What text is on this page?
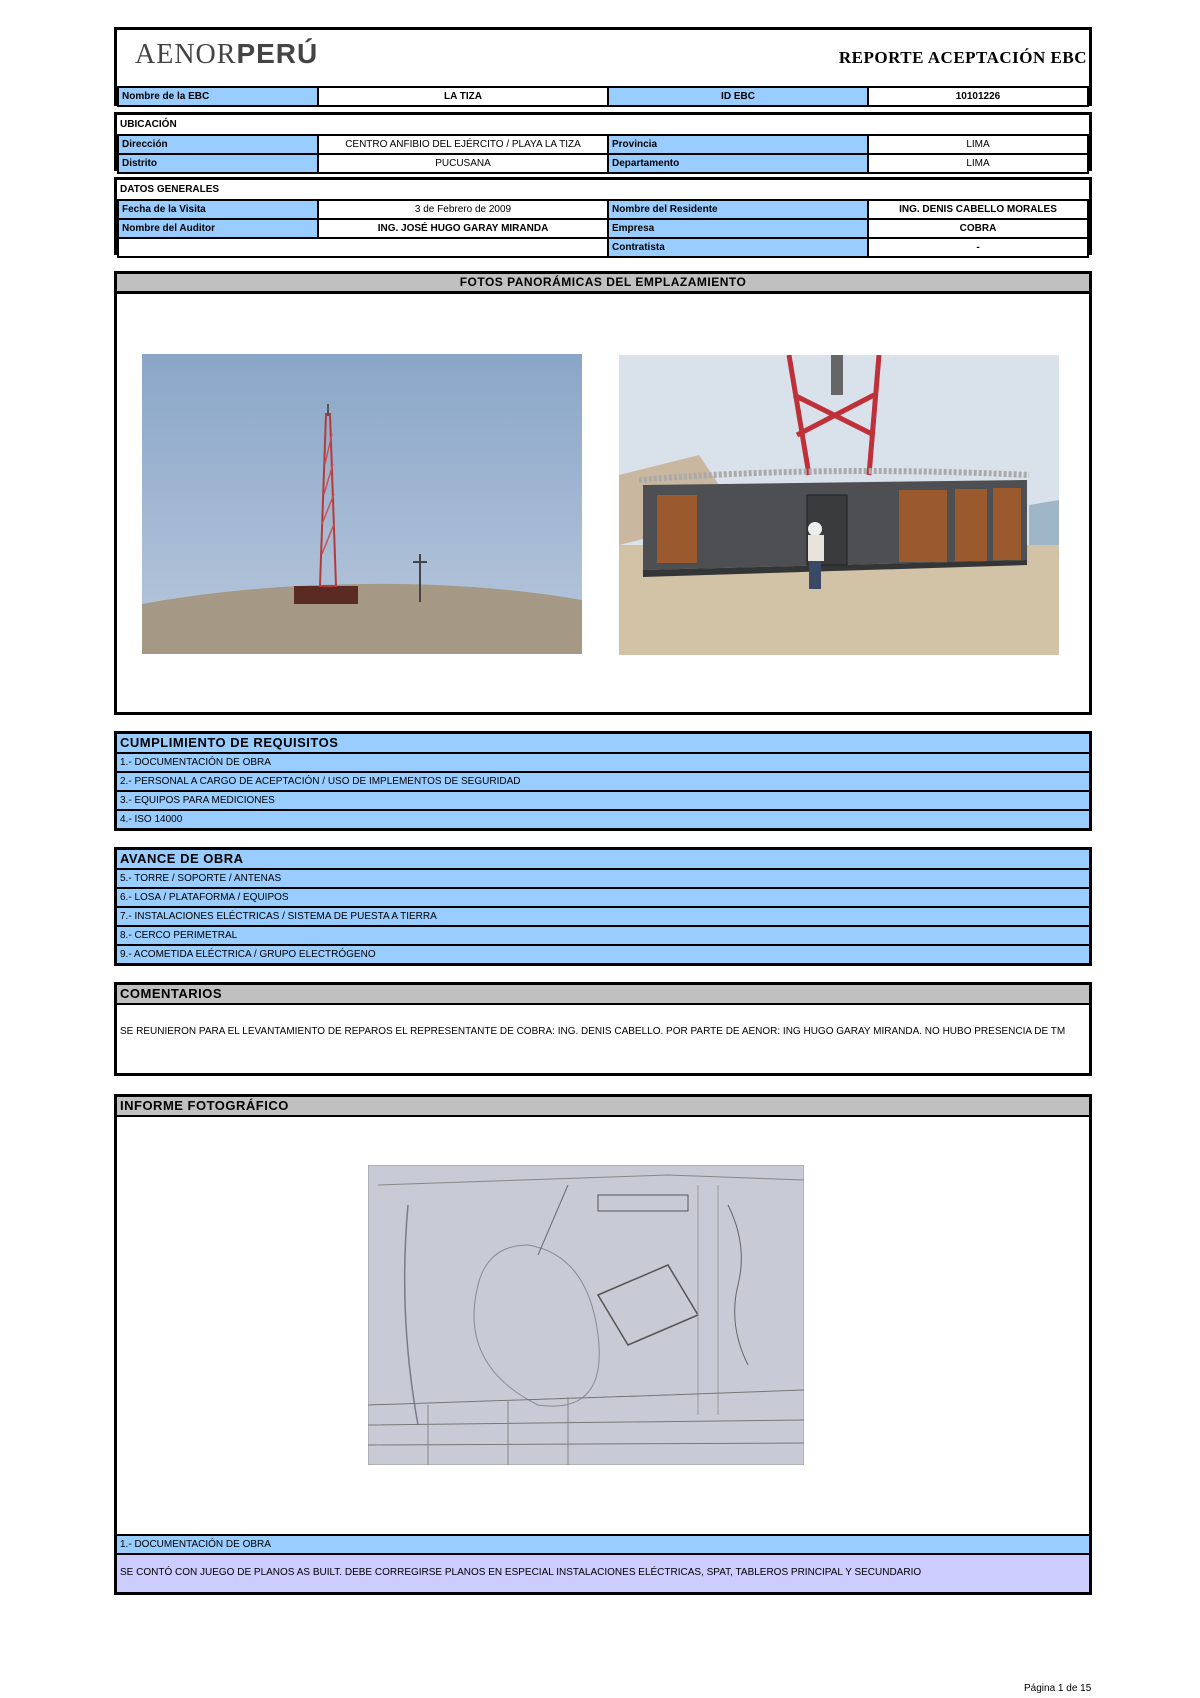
AENORPERÚ	REPORTE ACEPTACIÓN EBC
Nombre de la EBC	LA TIZA	ID EBC	10101226
UBICACIÓN
Dirección	CENTRO ANFIBIO DEL EJÉRCITO / PLAYA LA TIZA	Provincia	LIMA
Distrito	PUCUSANA	Departamento	LIMA
DATOS GENERALES
Fecha de la Visita	3 de Febrero de 2009	Nombre del Residente	ING. DENIS CABELLO MORALES
Nombre del Auditor	ING. JOSÉ HUGO GARAY MIRANDA	Empresa	COBRA
		Contratista	-
FOTOS PANORÁMICAS DEL EMPLAZAMIENTO
CUMPLIMIENTO DE REQUISITOS
1.- DOCUMENTACIÓN DE OBRA
2.- PERSONAL A CARGO DE ACEPTACIÓN / USO DE IMPLEMENTOS DE SEGURIDAD
3.- EQUIPOS PARA MEDICIONES
4.- ISO 14000
AVANCE DE OBRA
5.- TORRE / SOPORTE / ANTENAS
6.- LOSA / PLATAFORMA / EQUIPOS
7.- INSTALACIONES ELÉCTRICAS / SISTEMA DE PUESTA A TIERRA
8.- CERCO PERIMETRAL
9.- ACOMETIDA ELÉCTRICA / GRUPO ELECTRÓGENO
COMENTARIOS
SE REUNIERON PARA EL LEVANTAMIENTO DE REPAROS EL REPRESENTANTE DE COBRA: ING. DENIS CABELLO. POR PARTE DE AENOR: ING HUGO GARAY MIRANDA. NO HUBO PRESENCIA DE TM
INFORME FOTOGRÁFICO
1.- DOCUMENTACIÓN DE OBRA
SE CONTÓ CON JUEGO DE PLANOS AS BUILT. DEBE CORREGIRSE PLANOS EN ESPECIAL INSTALACIONES ELÉCTRICAS, SPAT, TABLEROS PRINCIPAL Y SECUNDARIO
Página 1 de 15
